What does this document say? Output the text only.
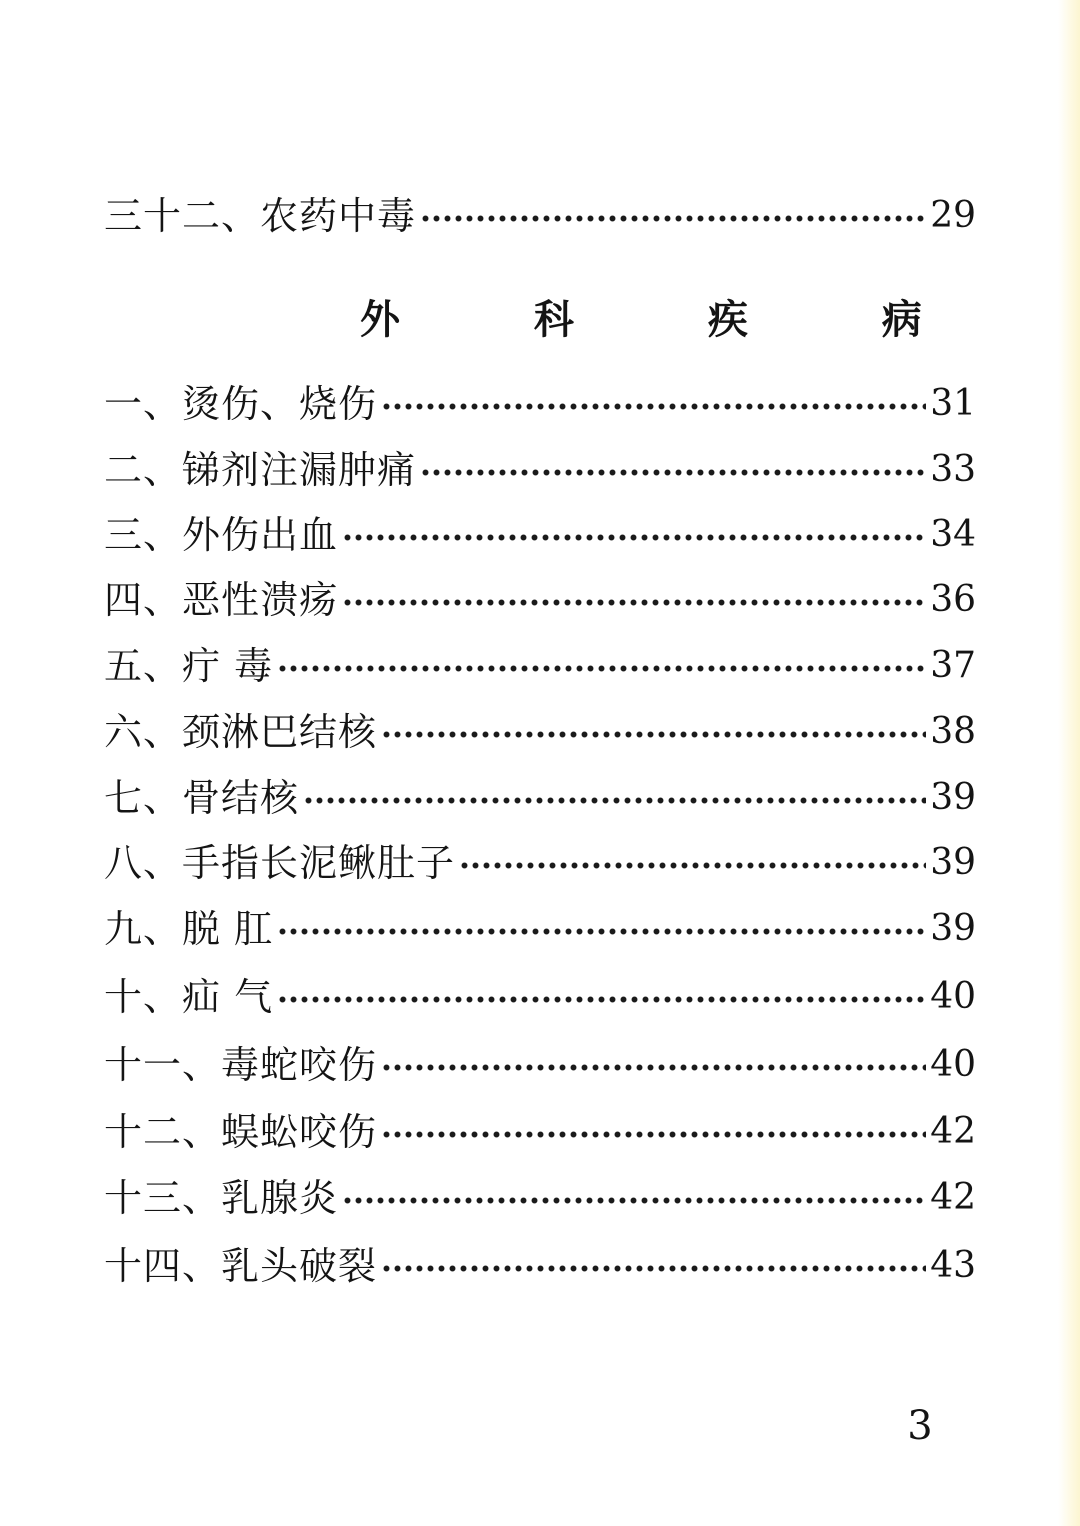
三十二、农药中毒	29
外 科 疾 病
一、烫伤、烧伤	31
二、锑剂注漏肿痛	33
三、外伤出血	34
四、恶性溃疡	36
五、疔 毒	37
六、颈淋巴结核	38
七、骨结核	39
八、手指长泥鳅肚子	39
九、脱 肛	39
十、疝 气	40
十一、毒蛇咬伤	40
十二、蜈蚣咬伤	42
十三、乳腺炎	42
十四、乳头破裂	43
3
